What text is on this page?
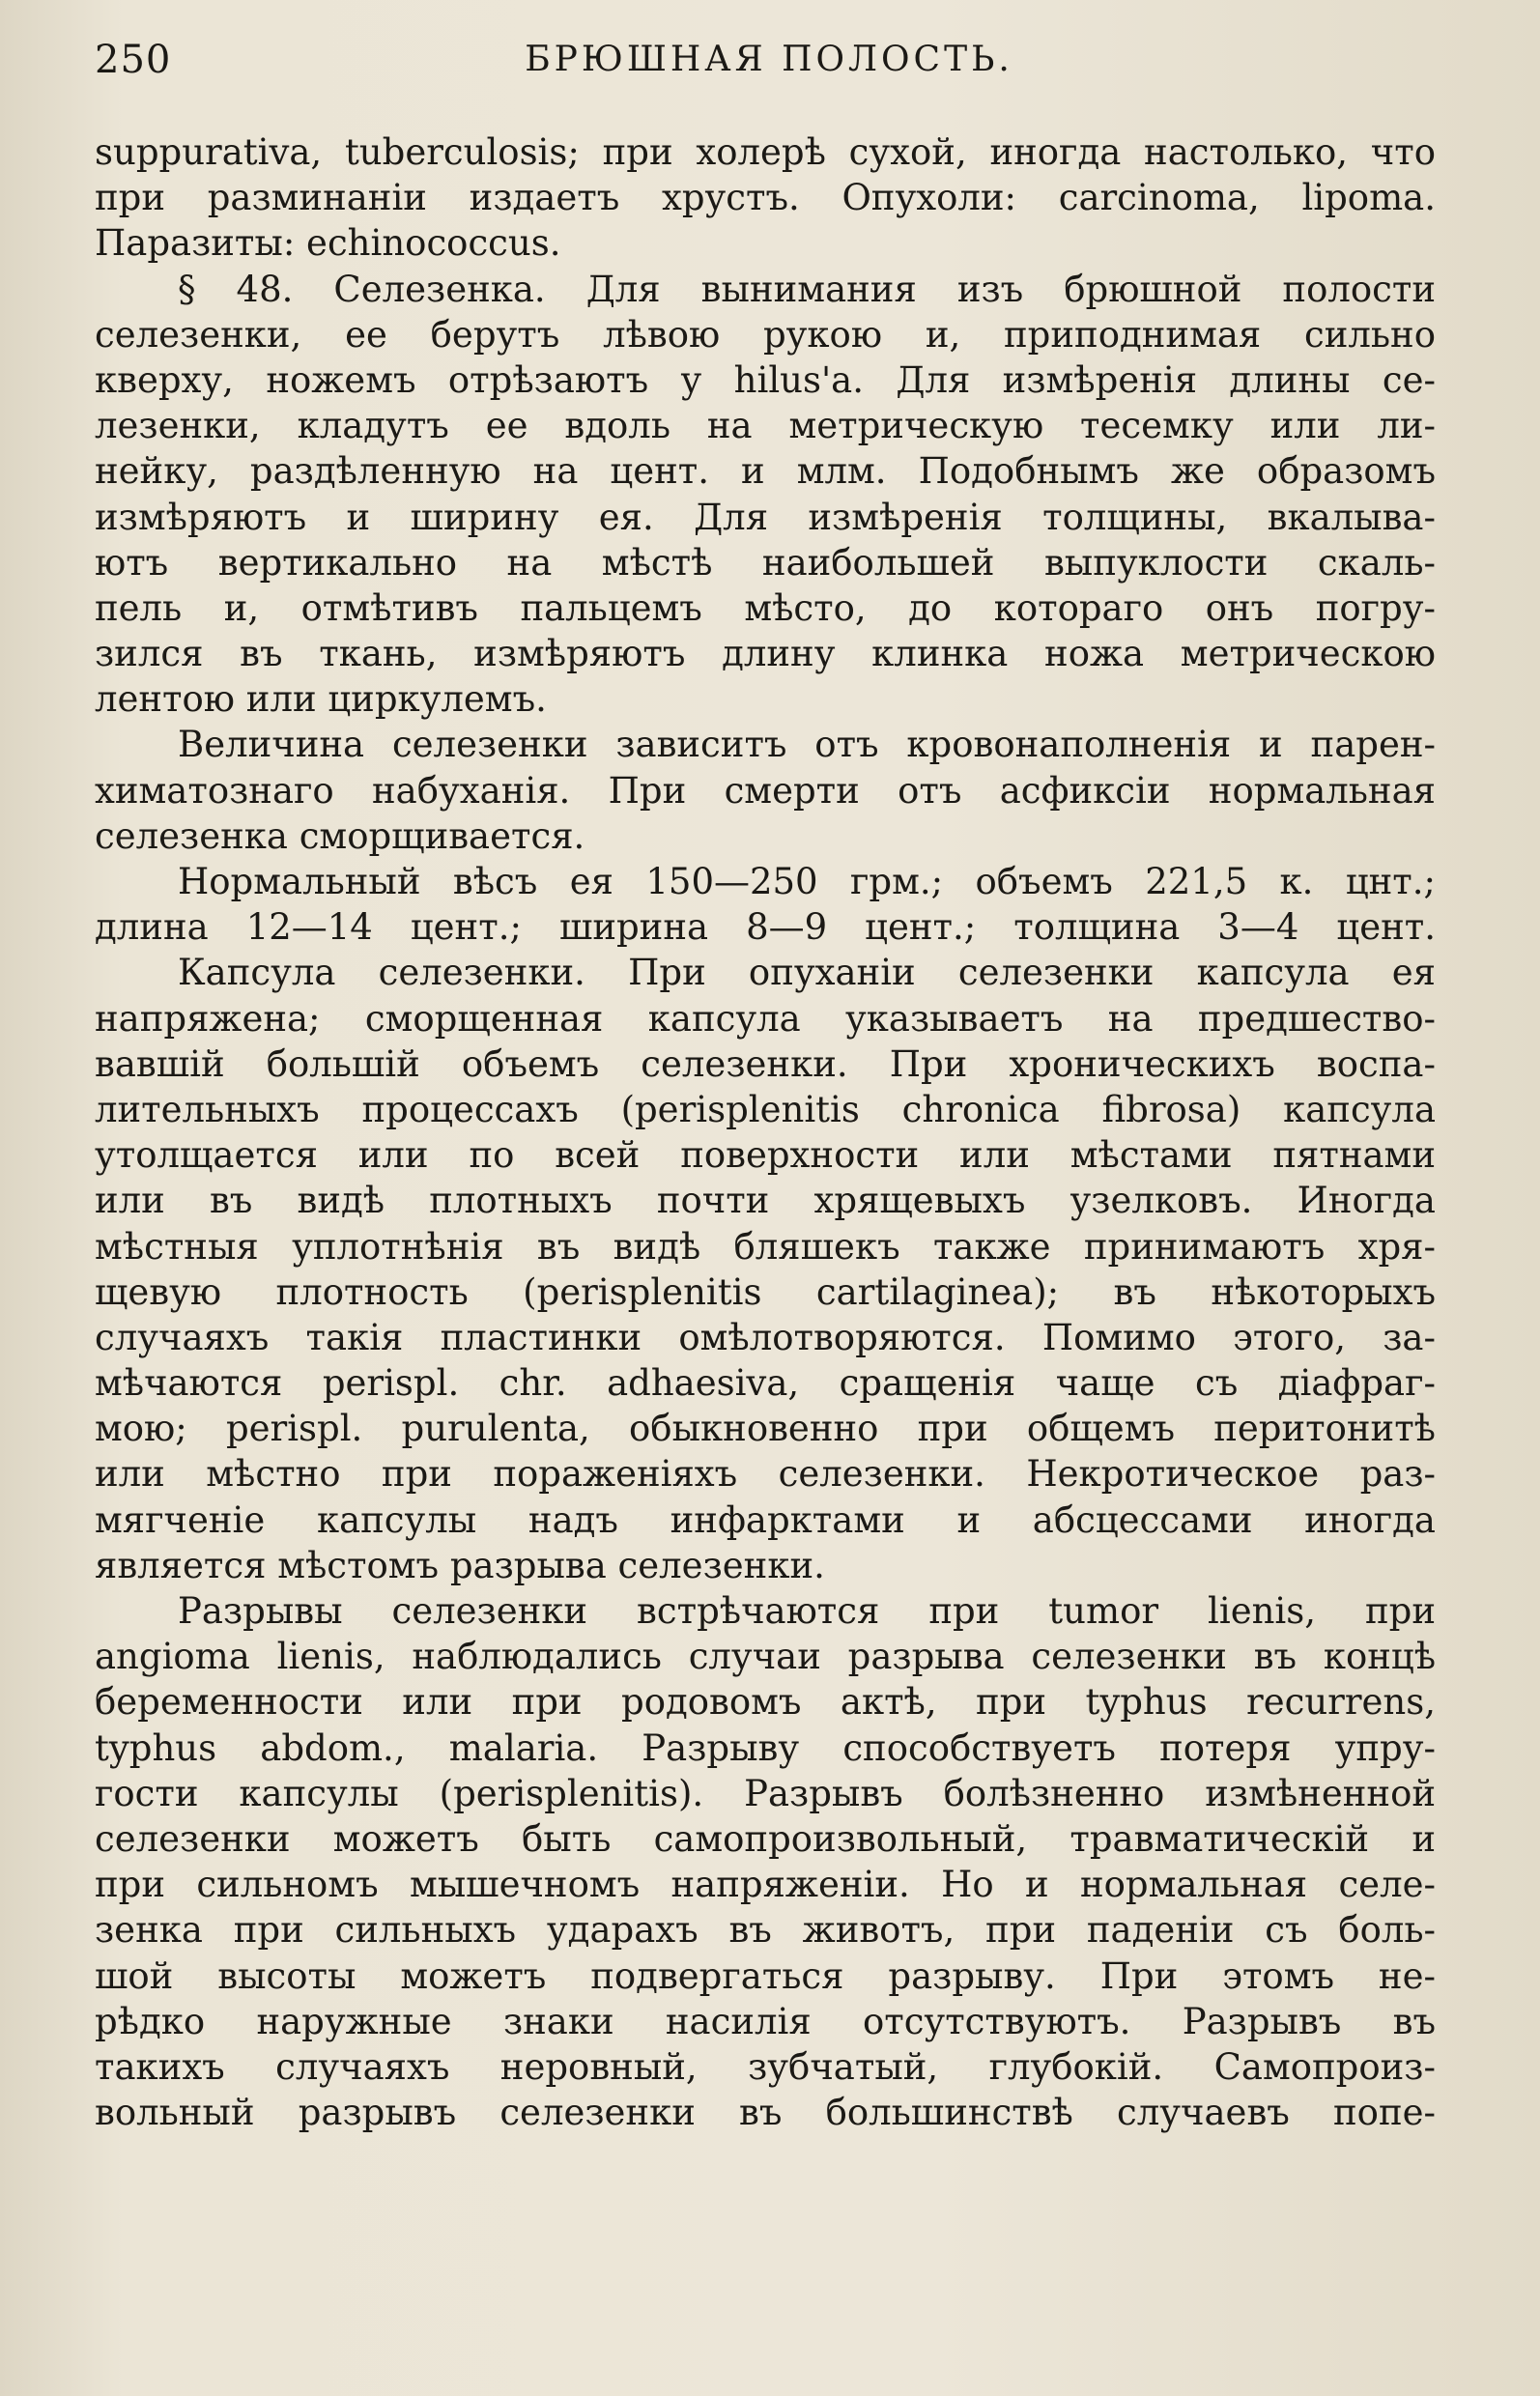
250	БРЮШНАЯ ПОЛОСТЬ.
suppurativa, tuberculosis; при холерѣ сухой, иногда настолько, что
при разминаніи издаетъ хрустъ. Опухоли: carcinoma, lipoma.
Паразиты: echinococcus.
§ 48. Селезенка. Для вынимания изъ брюшной полости
селезенки, ее берутъ лѣвою рукою и, приподнимая сильно
кверху, ножемъ отрѣзаютъ у hilus'a. Для измѣренія длины се-
лезенки, кладутъ ее вдоль на метрическую тесемку или ли-
нейку, раздѣленную на цент. и млм. Подобнымъ же образомъ
измѣряютъ и ширину ея. Для измѣренія толщины, вкалыва-
ютъ вертикально на мѣстѣ наибольшей выпуклости скаль-
пель и, отмѣтивъ пальцемъ мѣсто, до котораго онъ погру-
зился въ ткань, измѣряютъ длину клинка ножа метрическою
лентою или циркулемъ.
Величина селезенки зависитъ отъ кровонаполненія и парен-
химатознаго набуханія. При смерти отъ асфиксіи нормальная
селезенка сморщивается.
Нормальный вѣсъ ея 150—250 грм.; объемъ 221,5 к. цнт.;
длина 12—14 цент.; ширина 8—9 цент.; толщина 3—4 цент.
Капсула селезенки. При опуханіи селезенки капсула ея
напряжена; сморщенная капсула указываетъ на предшество-
вавшій большій объемъ селезенки. При хроническихъ воспа-
лительныхъ процессахъ (perisplenitis chronica fibrosa) капсула
утолщается или по всей поверхности или мѣстами пятнами
или въ видѣ плотныхъ почти хрящевыхъ узелковъ. Иногда
мѣстныя уплотнѣнія въ видѣ бляшекъ также принимаютъ хря-
щевую плотность (perisplenitis cartilaginea); въ нѣкоторыхъ
случаяхъ такія пластинки омѣлотворяются. Помимо этого, за-
мѣчаются perispl. chr. adhaesiva, сращенія чаще съ діафраг-
мою; perispl. purulenta, обыкновенно при общемъ перитонитѣ
или мѣстно при пораженіяхъ селезенки. Некротическое раз-
мягченіе капсулы надъ инфарктами и абсцессами иногда
является мѣстомъ разрыва селезенки.
Разрывы селезенки встрѣчаются при tumor lienis, при
angioma lienis, наблюдались случаи разрыва селезенки въ концѣ
беременности или при родовомъ актѣ, при typhus recurrens,
typhus abdom., malaria. Разрыву способствуетъ потеря упру-
гости капсулы (perisplenitis). Разрывъ болѣзненно измѣненной
селезенки можетъ быть самопроизвольный, травматическій и
при сильномъ мышечномъ напряженіи. Но и нормальная селе-
зенка при сильныхъ ударахъ въ животъ, при паденіи съ боль-
шой высоты можетъ подвергаться разрыву. При этомъ не-
рѣдко наружные знаки насилія отсутствуютъ. Разрывъ въ
такихъ случаяхъ неровный, зубчатый, глубокій. Самопроиз-
вольный разрывъ селезенки въ большинствѣ случаевъ попе-
